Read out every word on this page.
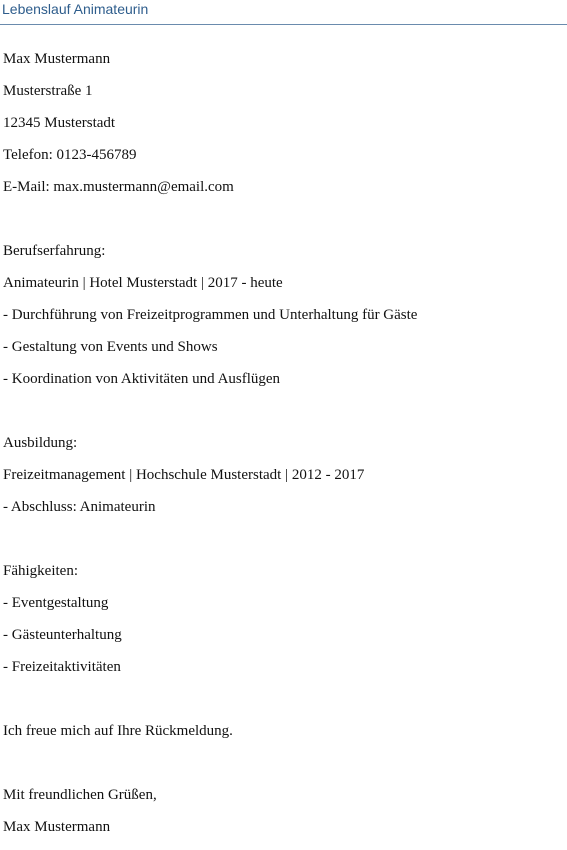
Lebenslauf Animateurin
Max Mustermann
Musterstraße 1
12345 Musterstadt
Telefon: 0123-456789
E-Mail: max.mustermann@email.com
Berufserfahrung:
Animateurin | Hotel Musterstadt | 2017 - heute
- Durchführung von Freizeitprogrammen und Unterhaltung für Gäste
- Gestaltung von Events und Shows
- Koordination von Aktivitäten und Ausflügen
Ausbildung:
Freizeitmanagement | Hochschule Musterstadt | 2012 - 2017
- Abschluss: Animateurin
Fähigkeiten:
- Eventgestaltung
- Gästeunterhaltung
- Freizeitaktivitäten
Ich freue mich auf Ihre Rückmeldung.
Mit freundlichen Grüßen,
Max Mustermann
